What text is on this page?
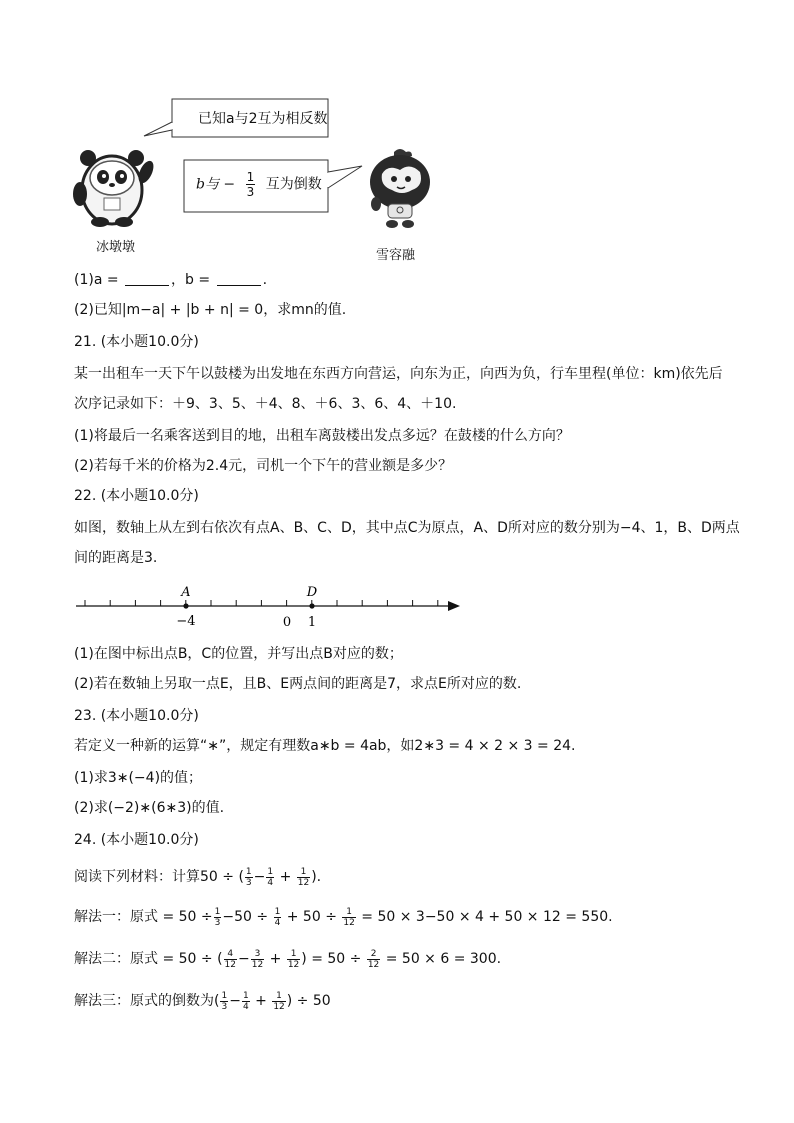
已知a与2互为相反数
b与 − $\frac{1}{3}$ 互为倒数
冰墩墩
雪容融
(1)a =	，b =	.
(2)已知|m−a| + |b + n| = 0，求mn的值.
21. (本小题10.0分)
某一出租车一天下午以鼓楼为出发地在东西方向营运，向东为正，向西为负，行车里程(单位：km)依先后
次序记录如下：＋9、3、5、＋4、8、＋6、3、6、4、＋10.
(1)将最后一名乘客送到目的地，出租车离鼓楼出发点多远？在鼓楼的什么方向？
(2)若每千米的价格为2.4元，司机一个下午的营业额是多少？
22. (本小题10.0分)
如图，数轴上从左到右依次有点A、B、C、D，其中点C为原点，A、D所对应的数分别为−4、1，B、D两点
间的距离是3.
A	D
−4	0 1
(1)在图中标出点B，C的位置，并写出点B对应的数；
(2)若在数轴上另取一点E，且B、E两点间的距离是7，求点E所对应的数.
23. (本小题10.0分)
若定义一种新的运算“∗”，规定有理数a∗b = 4ab，如2∗3 = 4 × 2 × 3 = 24.
(1)求3∗(−4)的值；
(2)求(−2)∗(6∗3)的值.
24. (本小题10.0分)
阅读下列材料：计算50 ÷ ( $\frac{1}{3} - \frac{1}{4} + \frac{1}{12}$ ).
解法一：原式 = $50 \div \frac{1}{3} -50 \div \frac{1}{4} + 50 \div \frac{1}{12} = 50 \times 3-50 \times 4 + 50 \times 12 = 550$.
解法二：原式 = 50 ÷ ( $\frac{4}{12} - \frac{3}{12} + \frac{1}{12}$ ) = $50 \div \frac{2}{12} = 50 \times 6 = 300$.
解法三：原式的倒数为( $\frac{1}{3} - \frac{1}{4} + \frac{1}{12}$ ) ÷ 50
